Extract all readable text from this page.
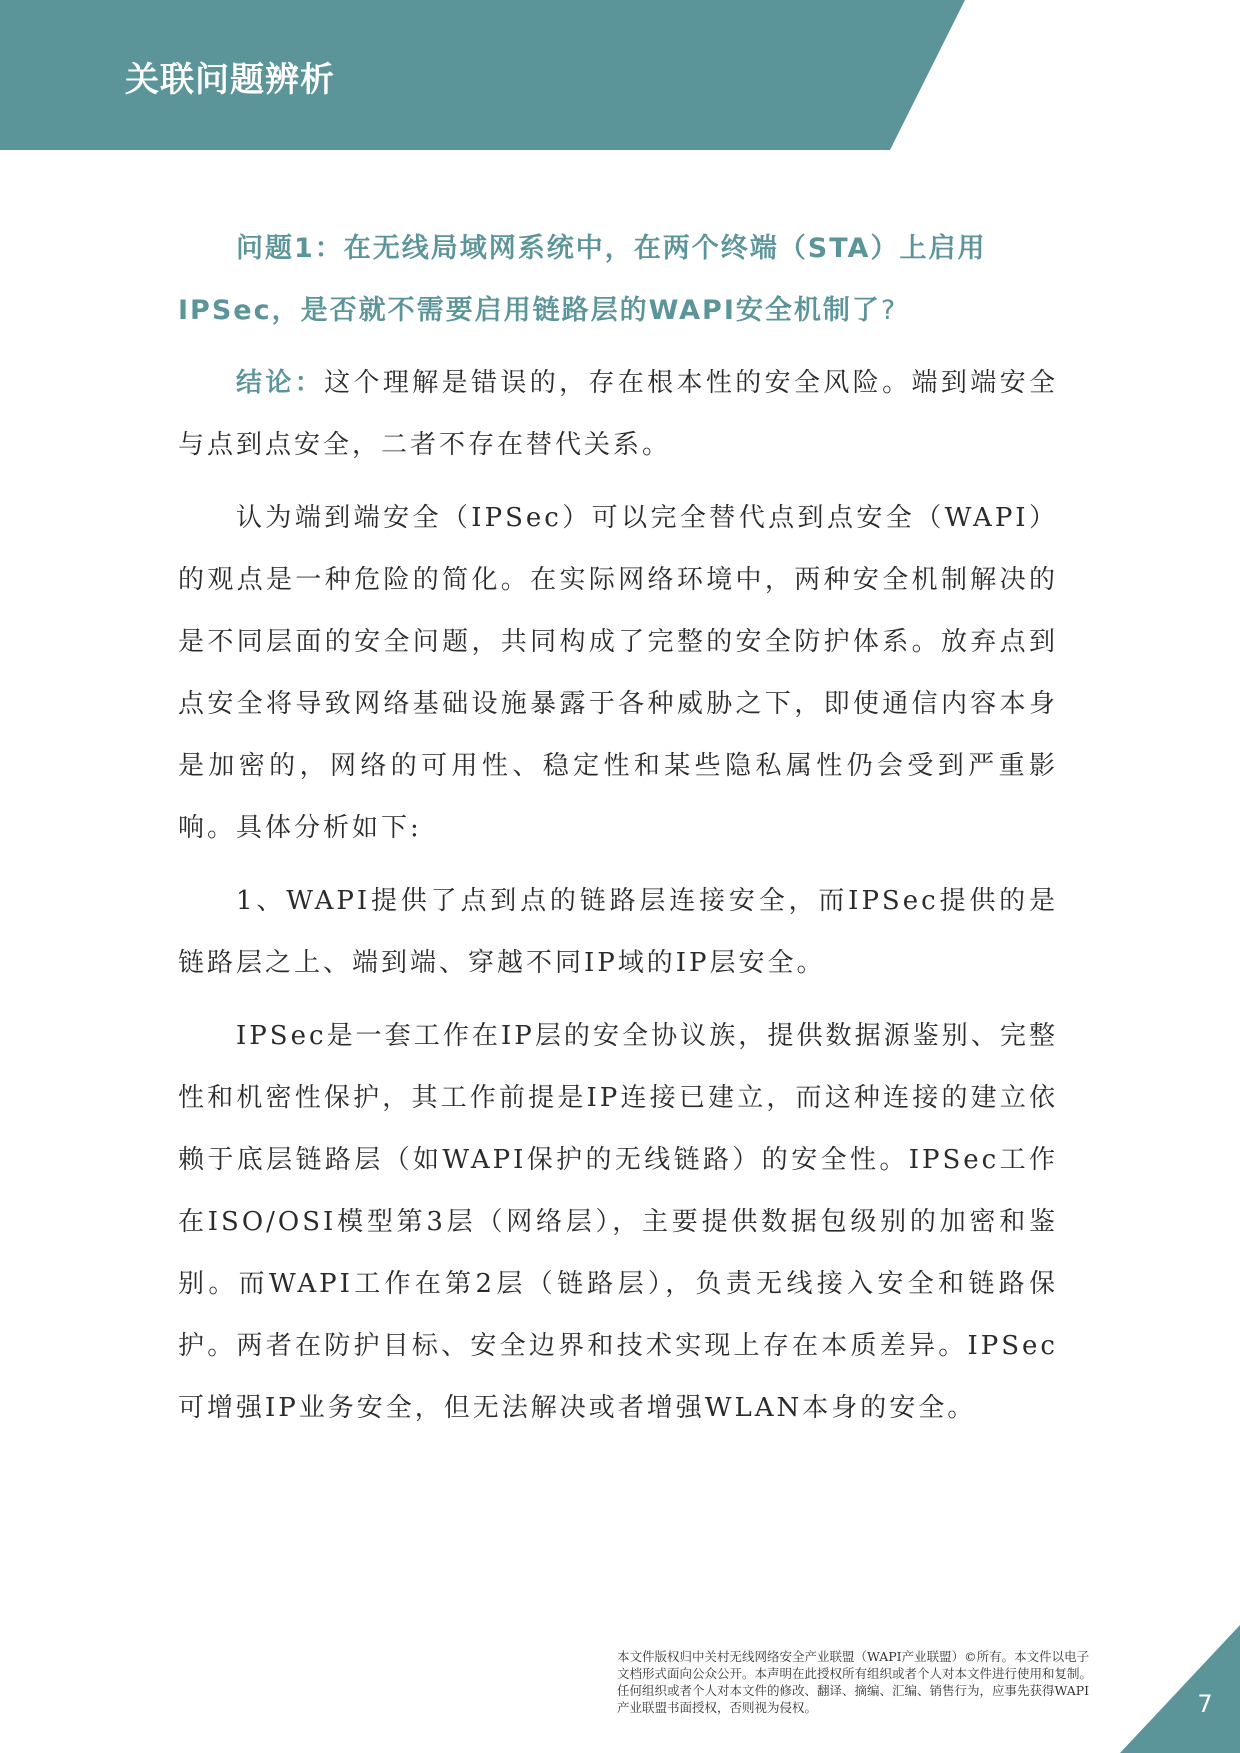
关联问题辨析

问题1：在无线局域网系统中，在两个终端（STA）上启用IPSec，是否就不需要启用链路层的WAPI安全机制了?

结论：这个理解是错误的，存在根本性的安全风险。端到端安全与点到点安全，二者不存在替代关系。

认为端到端安全（IPSec）可以完全替代点到点安全（WAPI）的观点是一种危险的简化。在实际网络环境中，两种安全机制解决的是不同层面的安全问题，共同构成了完整的安全防护体系。放弃点到点安全将导致网络基础设施暴露于各种威胁之下，即使通信内容本身是加密的，网络的可用性、稳定性和某些隐私属性仍会受到严重影响。具体分析如下:

1、WAPI提供了点到点的链路层连接安全，而IPSec提供的是链路层之上、端到端、穿越不同IP域的IP层安全。

IPSec是一套工作在IP层的安全协议族，提供数据源鉴别、完整性和机密性保护，其工作前提是IP连接已建立，而这种连接的建立依赖于底层链路层（如WAPI保护的无线链路）的安全性。IPSec工作在ISO/OSI模型第3层（网络层），主要提供数据包级别的加密和鉴别。而WAPI工作在第2层（链路层），负责无线接入安全和链路保护。两者在防护目标、安全边界和技术实现上存在本质差异。IPSec可增强IP业务安全，但无法解决或者增强WLAN本身的安全。

本文件版权归中关村无线网络安全产业联盟（WAPI产业联盟）©所有。本文件以电子文档形式面向公众公开。本声明在此授权所有组织或者个人对本文件进行使用和复制。任何组织或者个人对本文件的修改、翻译、摘编、汇编、销售行为，应事先获得WAPI产业联盟书面授权，否则视为侵权。	7
